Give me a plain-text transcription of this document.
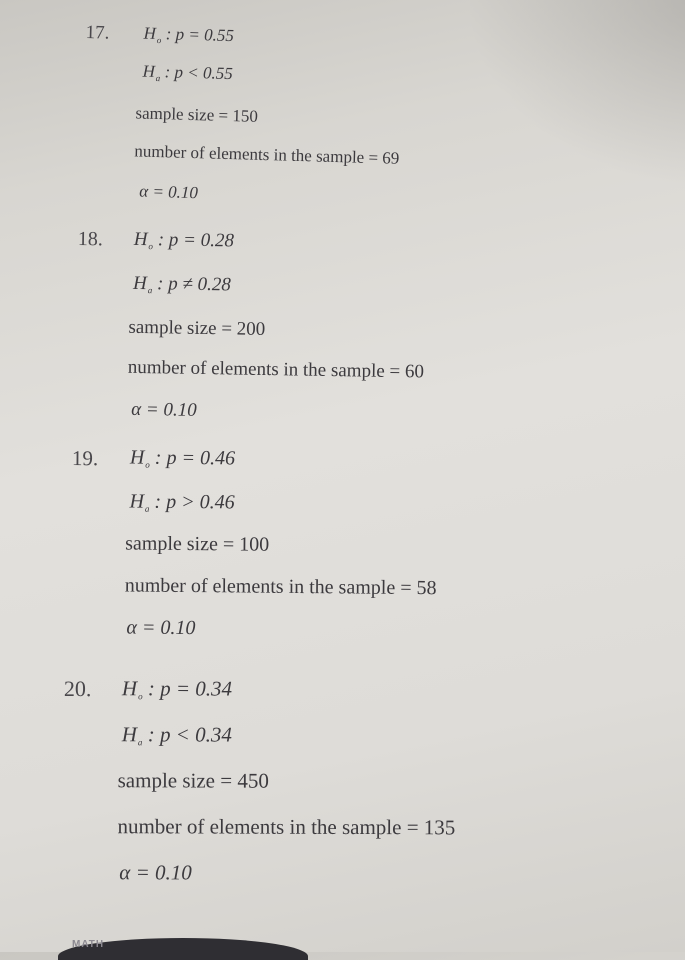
17. $H_o$ : p = 0.55
$H_a$ : p < 0.55
sample size = 150
number of elements in the sample = 69
α = 0.10
18. $H_o$ : p = 0.28
$H_a$ : p ≠ 0.28
sample size = 200
number of elements in the sample = 60
α = 0.10
19. $H_o$ : p = 0.46
$H_a$ : p > 0.46
sample size = 100
number of elements in the sample = 58
α = 0.10
20. $H_o$ : p = 0.34
$H_a$ : p < 0.34
sample size = 450
number of elements in the sample = 135
α = 0.10
MATH
